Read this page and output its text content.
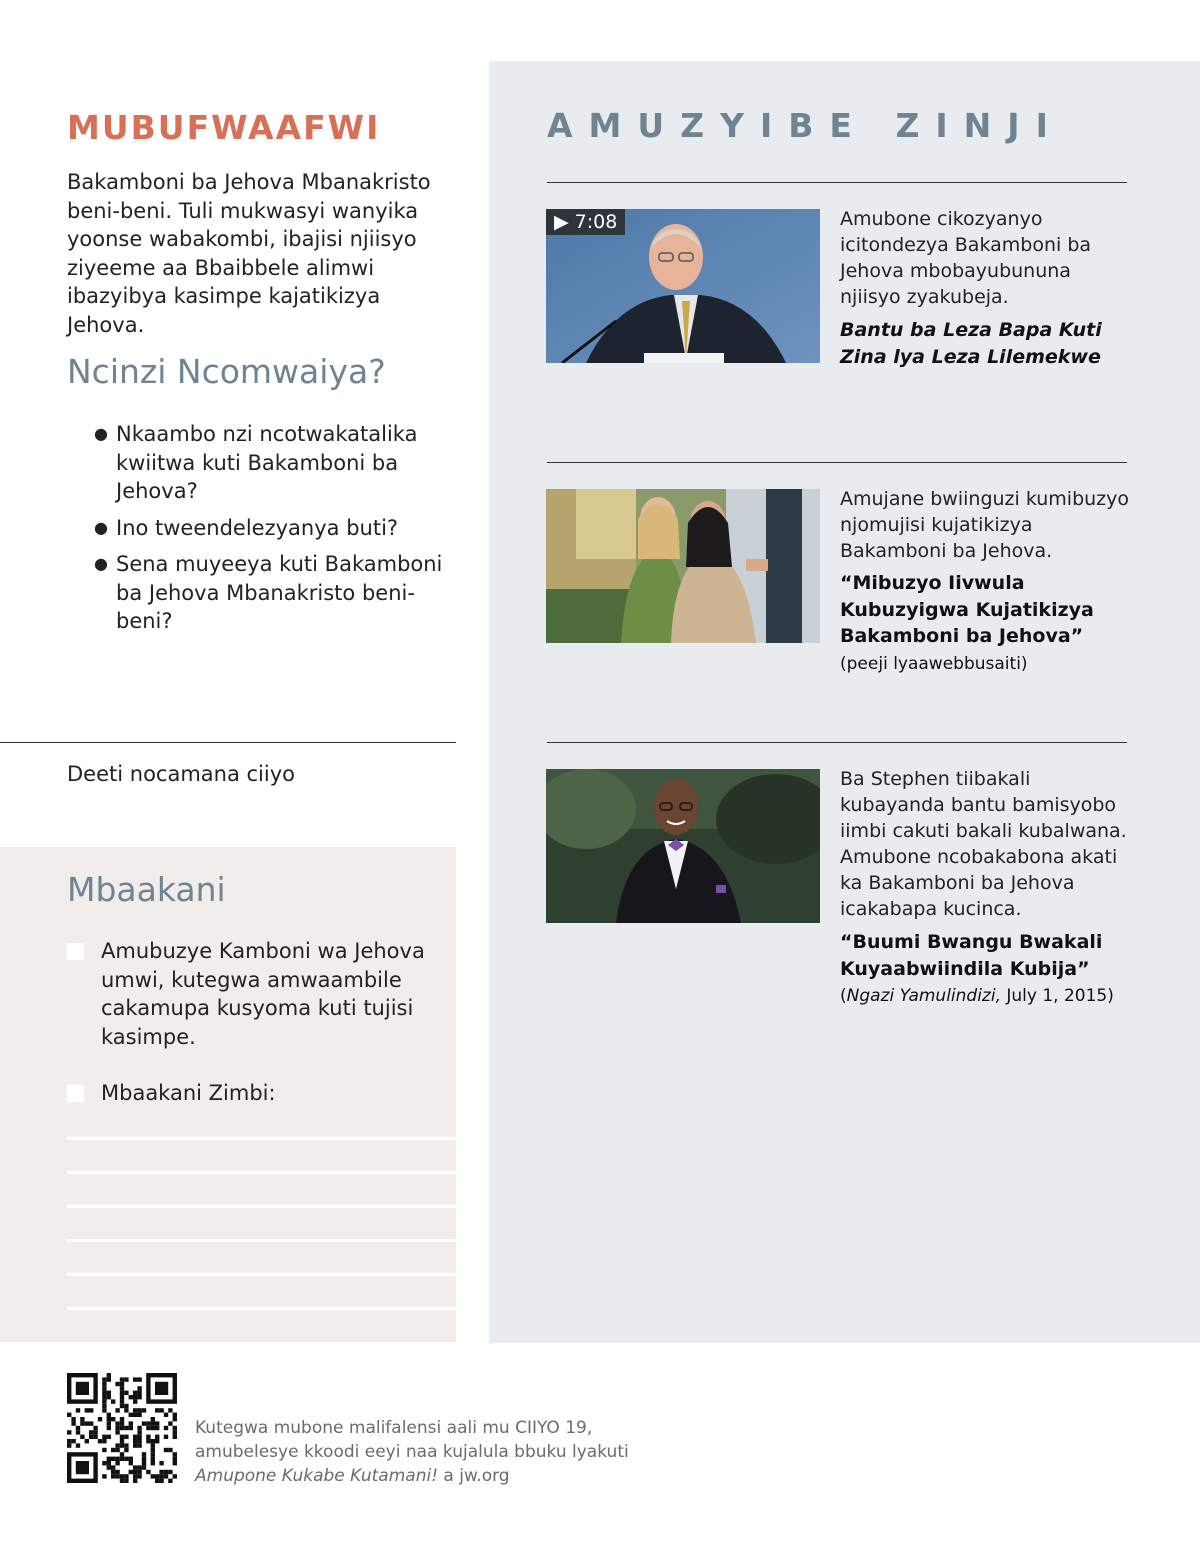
MUBUFWAAFWI

Bakamboni ba Jehova Mbanakristo beni-beni. Tuli mukwasyi wanyika yoonse wabakombi, ibajisi njiisyo ziyeeme aa Bbaibbele alimwi ibazyibya kasimpe kajatikizya Jehova.

Ncinzi Ncomwaiya?
● Nkaambo nzi ncotwakatalika kwiitwa kuti Bakamboni ba Jehova?
● Ino tweendelezyanya buti?
● Sena muyeeya kuti Bakamboni ba Jehova Mbanakristo beni-beni?
Deeti nocamana ciiyo
Mbaakani
Amubuzye Kamboni wa Jehova umwi, kutegwa amwaambile cakamupa kusyoma kuti tujisi kasimpe.
Mbaakani Zimbi:
AMUZYIBE ZINJI
▶ 7:08	Amubone cikozyanyo icitondezya Bakamboni ba Jehova mbobayubununa njiisyo zyakubeja.

Bantu ba Leza Bapa Kuti Zina lya Leza Lilemekwe

Amujane bwiinguzi kumibuzyo njomujisi kujatikizya Bakamboni ba Jehova.

“Mibuzyo Iivwula Kubuzyigwa Kujatikizya Bakamboni ba Jehova” (peeji lyaawebbusaiti)

Ba Stephen tiibakali kubayanda bantu bamisyobo iimbi cakuti bakali kubalwana. Amubone ncobakabona akati ka Bakamboni ba Jehova icakabapa kucinca.

“Buumi Bwangu Bwakali Kuyaabwiindila Kubija”
(Ngazi Yamulindizi, July 1, 2015)

Kutegwa mubone malifalensi aali mu CIIYO 19,
amubelesye kkoodi eeyi naa kujalula bbuku lyakuti
Amupone Kukabe Kutamani! a jw.org
